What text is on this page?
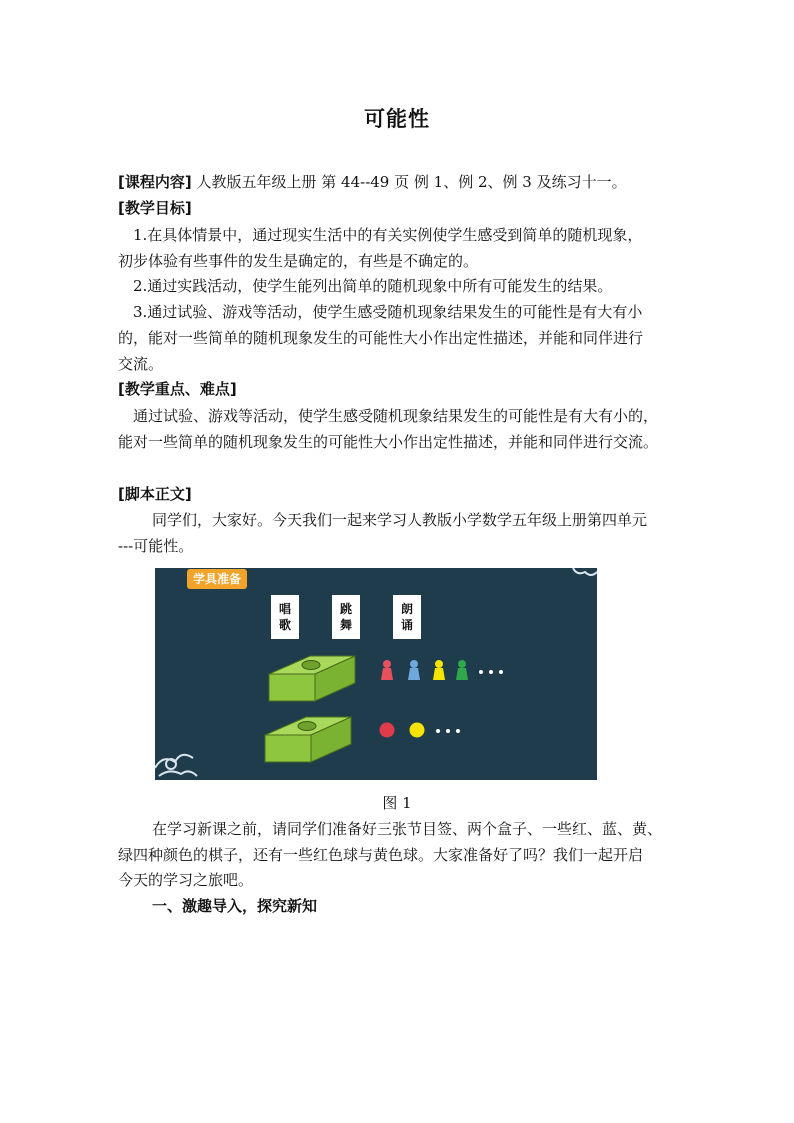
可能性
[课程内容] 人教版五年级上册 第 44--49 页 例 1、例 2、例 3 及练习十一。
[教学目标]
1.在具体情景中，通过现实生活中的有关实例使学生感受到简单的随机现象，
初步体验有些事件的发生是确定的，有些是不确定的。
2.通过实践活动，使学生能列出简单的随机现象中所有可能发生的结果。
3.通过试验、游戏等活动，使学生感受随机现象结果发生的可能性是有大有小
的，能对一些简单的随机现象发生的可能性大小作出定性描述，并能和同伴进行
交流。
[教学重点、难点]
通过试验、游戏等活动，使学生感受随机现象结果发生的可能性是有大有小的，
能对一些简单的随机现象发生的可能性大小作出定性描述，并能和同伴进行交流。
[脚本正文]
同学们，大家好。今天我们一起来学习人教版小学数学五年级上册第四单元
---可能性。
学具准备
唱
歌
跳
舞
朗
诵
图 1
在学习新课之前，请同学们准备好三张节目签、两个盒子、一些红、蓝、黄、
绿四种颜色的棋子，还有一些红色球与黄色球。大家准备好了吗？我们一起开启
今天的学习之旅吧。
一、激趣导入，探究新知
